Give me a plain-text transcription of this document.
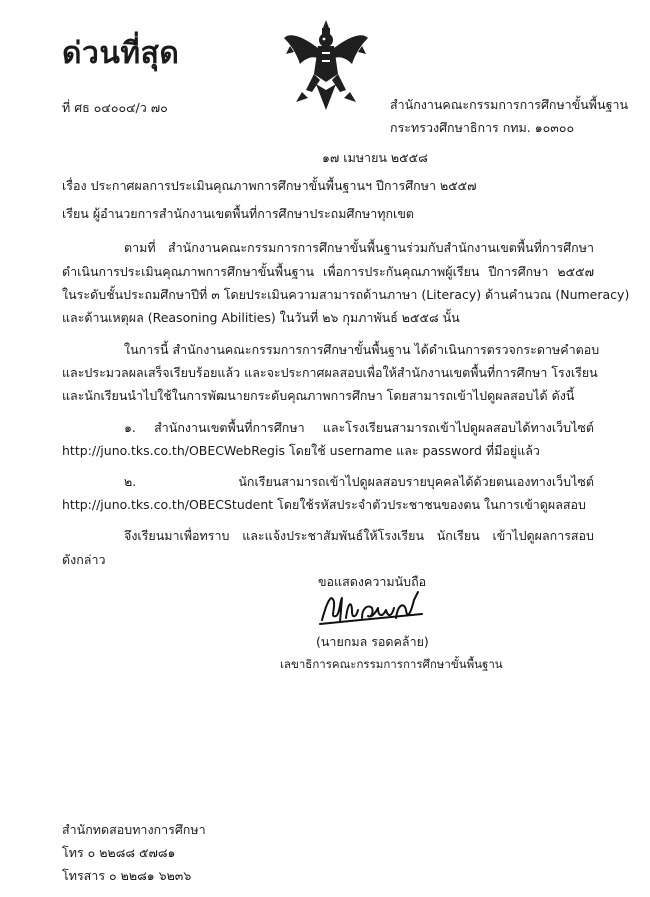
ด่วนที่สุด
ที่ ศธ ๐๔๐๐๔/ว ๗๐	สำนักงานคณะกรรมการการศึกษาขั้นพื้นฐาน
กระทรวงศึกษาธิการ กทม. ๑๐๓๐๐
๑๗ เมษายน ๒๕๕๘
เรื่อง ประกาศผลการประเมินคุณภาพการศึกษาขั้นพื้นฐานฯ ปีการศึกษา ๒๕๕๗
เรียน ผู้อำนวยการสำนักงานเขตพื้นที่การศึกษาประถมศึกษาทุกเขต
ตามที่ สำนักงานคณะกรรมการการศึกษาขั้นพื้นฐานร่วมกับสำนักงานเขตพื้นที่การศึกษา
ดำเนินการประเมินคุณภาพการศึกษาขั้นพื้นฐาน เพื่อการประกันคุณภาพผู้เรียน ปีการศึกษา ๒๕๕๗
ในระดับชั้นประถมศึกษาปีที่ ๓ โดยประเมินความสามารถด้านภาษา (Literacy) ด้านคำนวณ (Numeracy)
และด้านเหตุผล (Reasoning Abilities) ในวันที่ ๒๖ กุมภาพันธ์ ๒๕๕๘ นั้น
ในการนี้ สำนักงานคณะกรรมการการศึกษาขั้นพื้นฐาน ได้ดำเนินการตรวจกระดาษคำตอบ
และประมวลผลเสร็จเรียบร้อยแล้ว และจะประกาศผลสอบเพื่อให้สำนักงานเขตพื้นที่การศึกษา โรงเรียน
และนักเรียนนำไปใช้ในการพัฒนายกระดับคุณภาพการศึกษา โดยสามารถเข้าไปดูผลสอบได้ ดังนี้
๑. สำนักงานเขตพื้นที่การศึกษา และโรงเรียนสามารถเข้าไปดูผลสอบได้ทางเว็บไซต์
http://juno.tks.co.th/OBECWebRegis โดยใช้ username และ password ที่มีอยู่แล้ว
๒. นักเรียนสามารถเข้าไปดูผลสอบรายบุคคลได้ด้วยตนเองทางเว็บไซต์
http://juno.tks.co.th/OBECStudent โดยใช้รหัสประจำตัวประชาชนของตน ในการเข้าดูผลสอบ
จึงเรียนมาเพื่อทราบ และแจ้งประชาสัมพันธ์ให้โรงเรียน นักเรียน เข้าไปดูผลการสอบ
ดังกล่าว
ขอแสดงความนับถือ
(นายกมล รอดคล้าย)
เลขาธิการคณะกรรมการการศึกษาขั้นพื้นฐาน
สำนักทดสอบทางการศึกษา
โทร ๐ ๒๒๘๘ ๕๗๘๑
โทรสาร ๐ ๒๒๘๑ ๖๒๓๖
